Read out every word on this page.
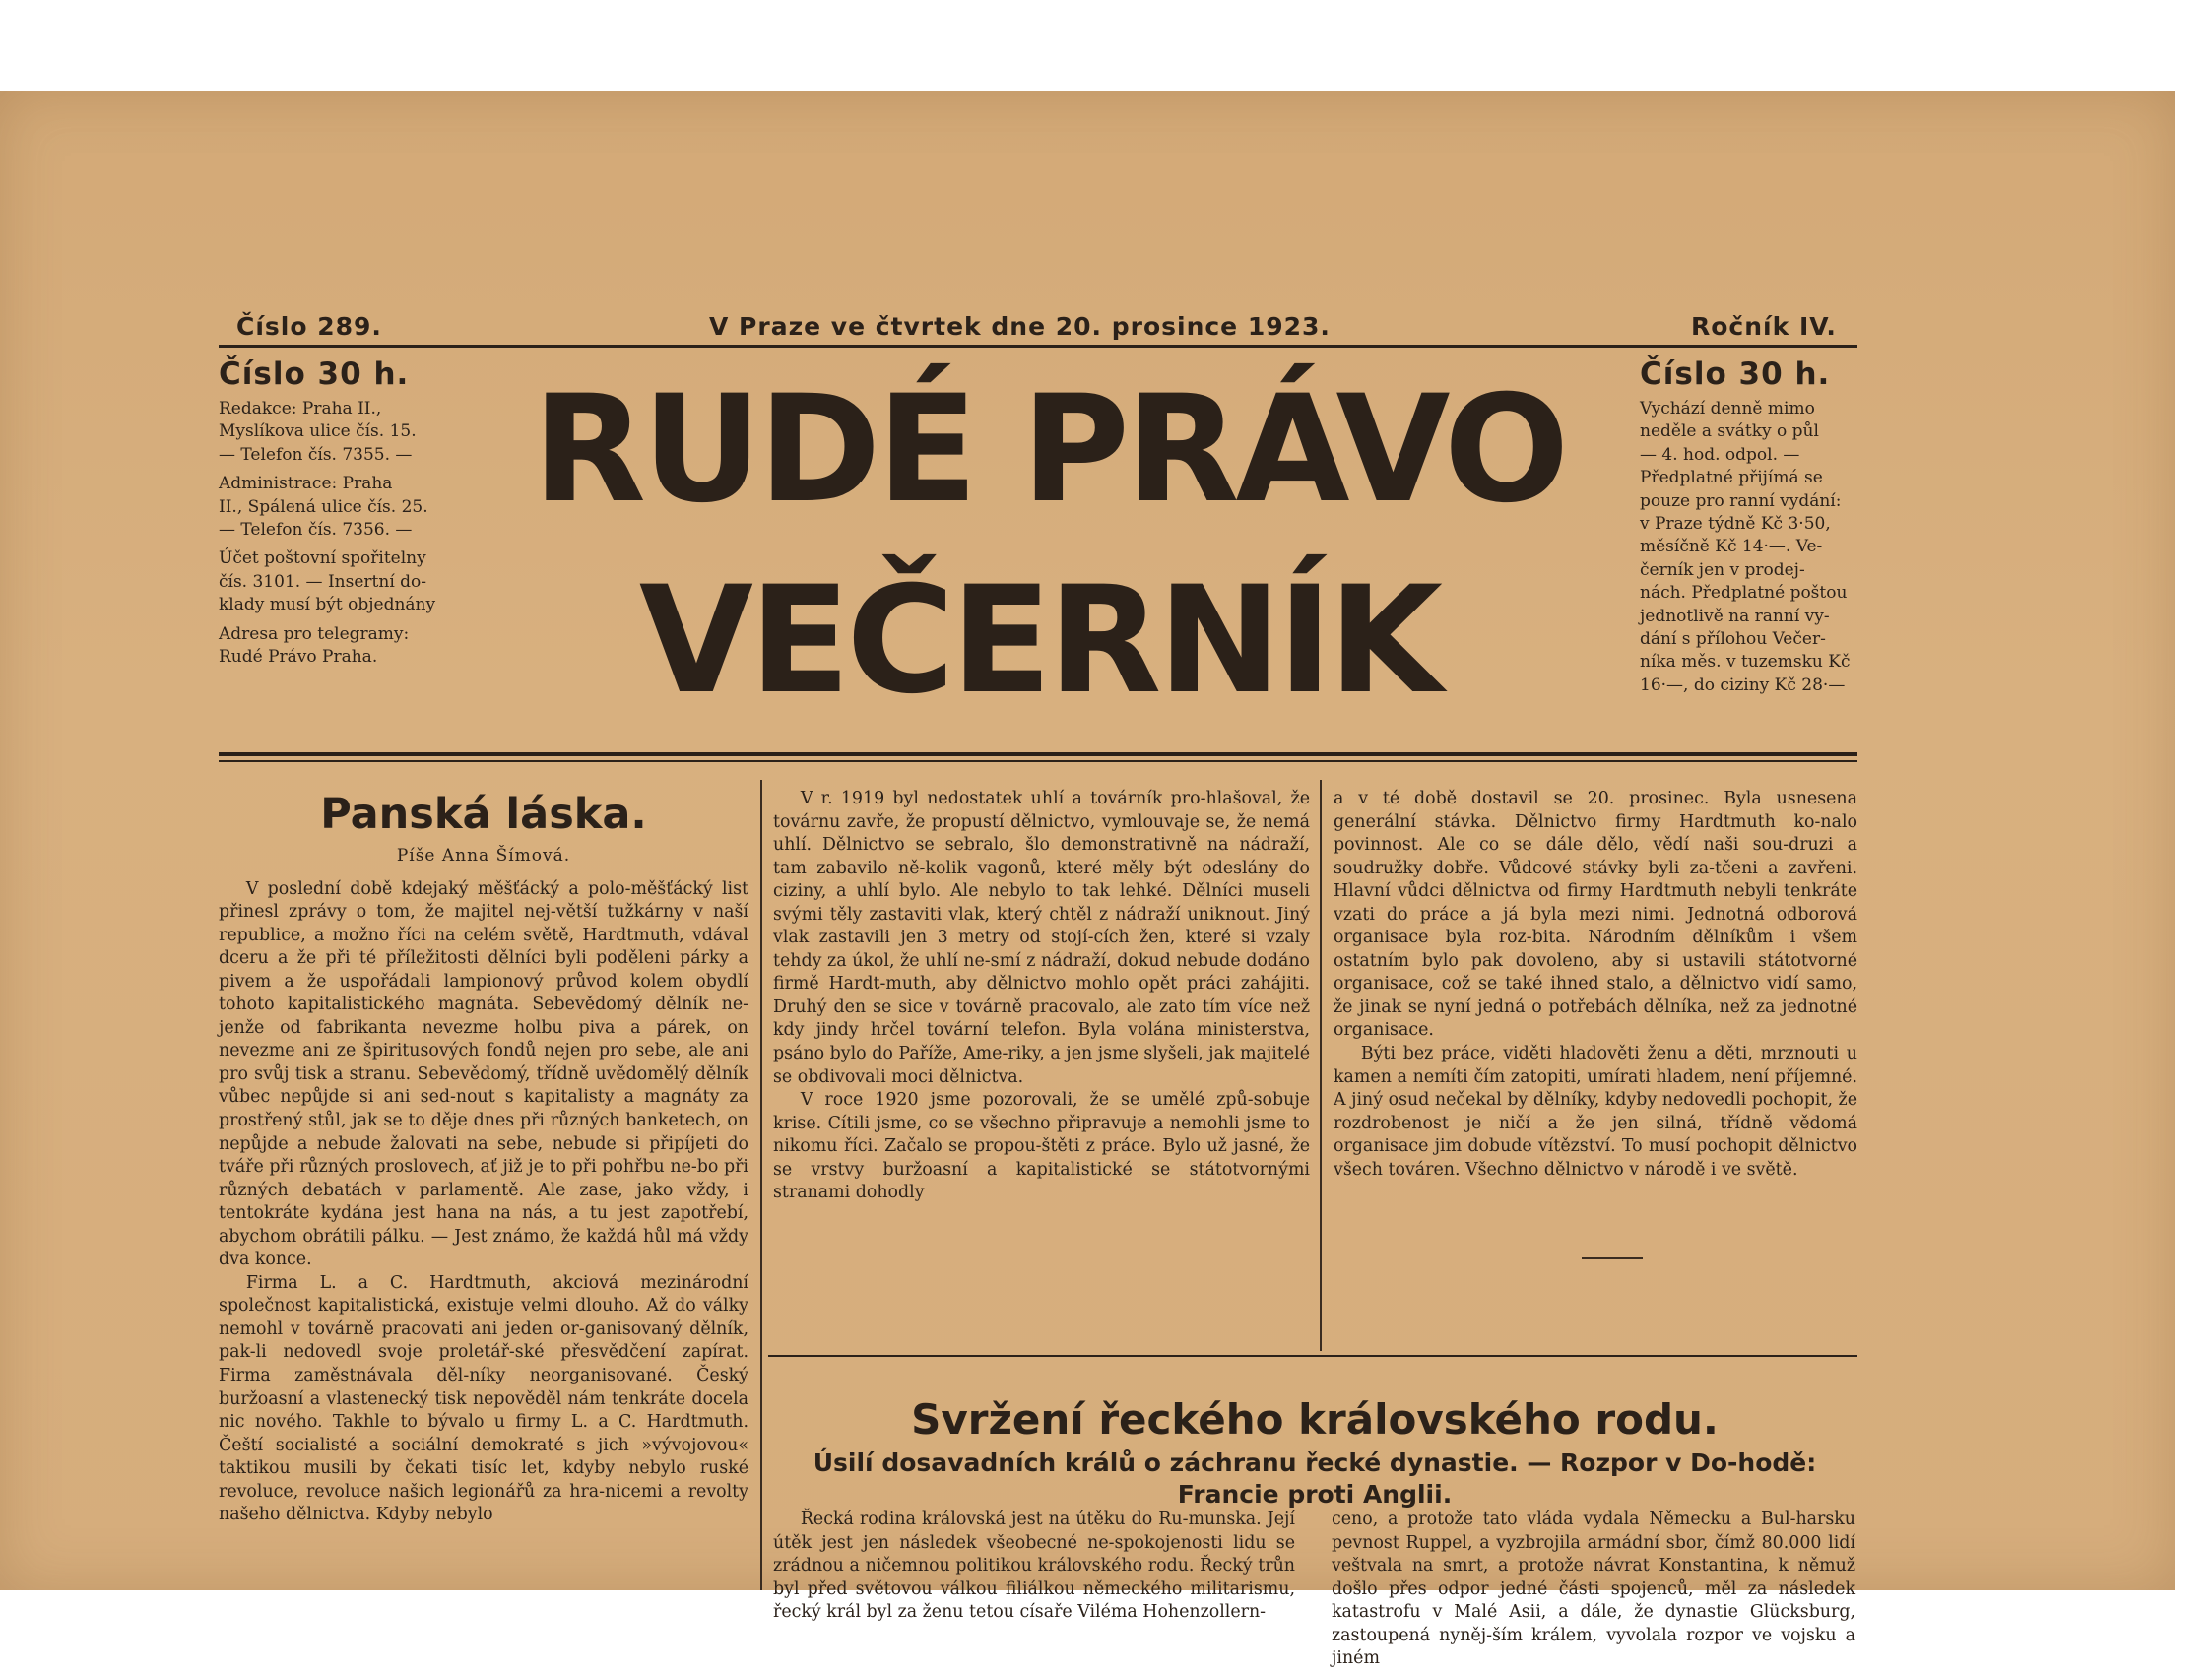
Číslo 289.	V Praze ve čtvrtek dne 20. prosince 1923.	Ročník IV.
Číslo 30 h.

Redakce: Praha II.,

Myslíkova ulice čís. 15.

— Telefon čís. 7355. —

Administrace: Praha

II., Spálená ulice čís. 25.

— Telefon čís. 7356. —

Účet poštovní spořitelny

čís. 3101. — Insertní do-

klady musí být objednány

Adresa pro telegramy:

Rudé Právo Praha.

RUDÉ PRÁVO
VEČERNÍK
Číslo 30 h.

Vychází denně mimo

neděle a svátky o půl

— 4. hod. odpol. —

Předplatné přijímá se

pouze pro ranní vydání:

v Praze týdně Kč 3·50,

měsíčně Kč 14·—. Ve-

černík jen v prodej-

nách. Předplatné poštou

jednotlivě na ranní vy-

dání s přílohou Večer-

níka měs. v tuzemsku Kč

16·—, do ciziny Kč 28·—

Panská láska.
Píše Anna Šímová.

V poslední době kdejaký měšťácký a polo-měšťácký list přinesl zprávy o tom, že majitel nej-větší tužkárny v naší republice, a možno říci na celém světě, Hardtmuth, vdával dceru a že při té příležitosti dělníci byli poděleni párky a pivem a že uspořádali lampionový průvod kolem obydlí tohoto kapitalistického magnáta. Sebevědomý dělník ne-jenže od fabrikanta nevezme holbu piva a párek, on nevezme ani ze špiritusových fondů nejen pro sebe, ale ani pro svůj tisk a stranu. Sebevědomý, třídně uvědomělý dělník vůbec nepůjde si ani sed-nout s kapitalisty a magnáty za prostřený stůl, jak se to děje dnes při různých banketech, on nepůjde a nebude žalovati na sebe, nebude si připíjeti do tváře při různých proslovech, ať již je to při pohřbu ne-bo při různých debatách v parlamentě. Ale zase, jako vždy, i tentokráte kydána jest hana na nás, a tu jest zapotřebí, abychom obrátili pálku. — Jest známo, že každá hůl má vždy dva konce.

Firma L. a C. Hardtmuth, akciová mezinárodní společnost kapitalistická, existuje velmi dlouho. Až do války nemohl v továrně pracovati ani jeden or-ganisovaný dělník, pak-li nedovedl svoje proletář-ské přesvědčení zapírat. Firma zaměstnávala děl-níky neorganisované. Český buržoasní a vlastenecký tisk nepověděl nám tenkráte docela nic nového. Takhle to bývalo u firmy L. a C. Hardtmuth. Čeští socialisté a sociální demokraté s jich »vývojovou« taktikou musili by čekati tisíc let, kdyby nebylo ruské revoluce, revoluce našich legionářů za hra-nicemi a revolty našeho dělnictva. Kdyby nebylo

V r. 1919 byl nedostatek uhlí a továrník pro-hlašoval, že továrnu zavře, že propustí dělnictvo, vymlouvaje se, že nemá uhlí. Dělnictvo se sebralo, šlo demonstrativně na nádraží, tam zabavilo ně-kolik vagonů, které měly být odeslány do ciziny, a uhlí bylo. Ale nebylo to tak lehké. Dělníci museli svými těly zastaviti vlak, který chtěl z nádraží uniknout. Jiný vlak zastavili jen 3 metry od stojí-cích žen, které si vzaly tehdy za úkol, že uhlí ne-smí z nádraží, dokud nebude dodáno firmě Hardt-muth, aby dělnictvo mohlo opět práci zahájiti. Druhý den se sice v továrně pracovalo, ale zato tím více než kdy jindy hrčel tovární telefon. Byla volána ministerstva, psáno bylo do Paříže, Ame-riky, a jen jsme slyšeli, jak majitelé se obdivovali moci dělnictva.

V roce 1920 jsme pozorovali, že se umělé způ-sobuje krise. Cítili jsme, co se všechno připravuje a nemohli jsme to nikomu říci. Začalo se propou-štěti z práce. Bylo už jasné, že se vrstvy buržoasní a kapitalistické se státotvornými stranami dohodly

a v té době dostavil se 20. prosinec. Byla usnesena generální stávka. Dělnictvo firmy Hardtmuth ko-nalo povinnost. Ale co se dále dělo, vědí naši sou-druzi a soudružky dobře. Vůdcové stávky byli za-tčeni a zavřeni. Hlavní vůdci dělnictva od firmy Hardtmuth nebyli tenkráte vzati do práce a já byla mezi nimi. Jednotná odborová organisace byla roz-bita. Národním dělníkům i všem ostatním bylo pak dovoleno, aby si ustavili státotvorné organisace, což se také ihned stalo, a dělnictvo vidí samo, že jinak se nyní jedná o potřebách dělníka, než za jednotné organisace.

Býti bez práce, viděti hladověti ženu a děti, mrznouti u kamen a nemíti čím zatopiti, umírati hladem, není příjemné. A jiný osud nečekal by dělníky, kdyby nedovedli pochopit, že rozdrobenost je ničí a že jen silná, třídně vědomá organisace jim dobude vítězství. To musí pochopit dělnictvo všech továren. Všechno dělnictvo v národě i ve světě.

Svržení řeckého královského rodu.
Úsilí dosavadních králů o záchranu řecké dynastie. — Rozpor v Do-hodě: Francie proti Anglii.

Řecká rodina královská jest na útěku do Ru-munska. Její útěk jest jen následek všeobecné ne-spokojenosti lidu se zrádnou a ničemnou politikou královského rodu. Řecký trůn byl před světovou válkou filiálkou německého militarismu, řecký král byl za ženu tetou císaře Viléma Hohenzollern-

ceno, a protože tato vláda vydala Německu a Bul-harsku pevnost Ruppel, a vyzbrojila armádní sbor, čímž 80.000 lidí veštvala na smrt, a protože návrat Konstantina, k němuž došlo přes odpor jedné části spojenců, měl za následek katastrofu v Malé Asii, a dále, že dynastie Glücksburg, zastoupená nyněj-ším králem, vyvolala rozpor ve vojsku a jiném
